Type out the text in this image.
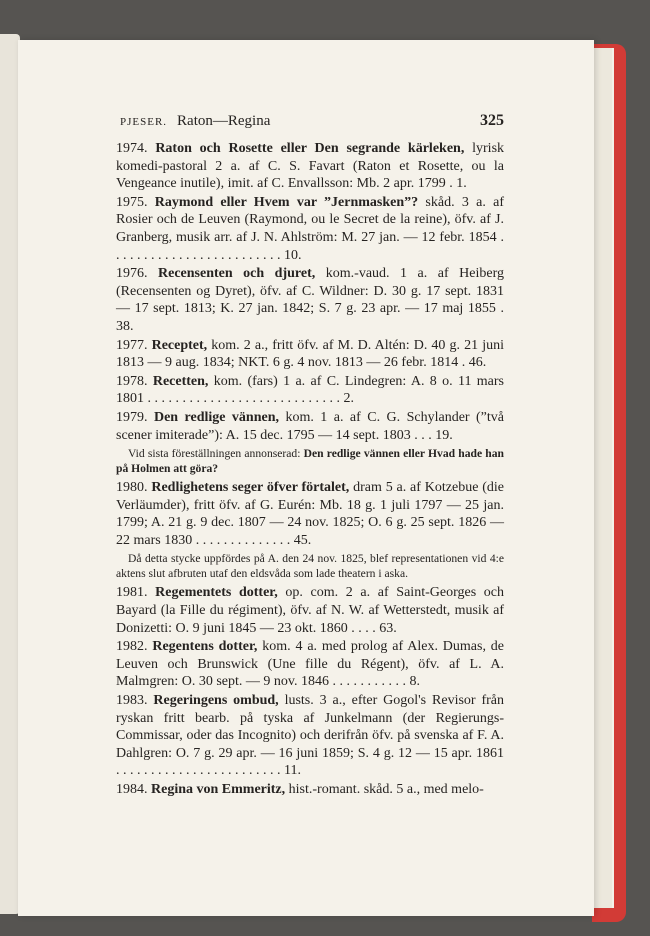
PJESER. Raton—Regina	325

1974. Raton och Rosette eller Den segrande kärleken, lyrisk komedi-pastoral 2 a. af C. S. Favart (Raton et Rosette, ou la Vengeance inutile), imit. af C. Envallsson: Mb. 2 apr. 1799 . 1.

1975. Raymond eller Hvem var ”Jernmasken”? skåd. 3 a. af Rosier och de Leuven (Raymond, ou le Secret de la reine), öfv. af J. Granberg, musik arr. af J. N. Ahlström: M. 27 jan. — 12 febr. 1854 . . . . . . . . . . . . . . . . . . . . . . . . . 10.

1976. Recensenten och djuret, kom.-vaud. 1 a. af Heiberg (Recensenten og Dyret), öfv. af C. Wildner: D. 30 g. 17 sept. 1831 — 17 sept. 1813; K. 27 jan. 1842; S. 7 g. 23 apr. — 17 maj 1855 . 38.

1977. Receptet, kom. 2 a., fritt öfv. af M. D. Altén: D. 40 g. 21 juni 1813 — 9 aug. 1834; NKT. 6 g. 4 nov. 1813 — 26 febr. 1814 . 46.

1978. Recetten, kom. (fars) 1 a. af C. Lindegren: A. 8 o. 11 mars 1801 . . . . . . . . . . . . . . . . . . . . . . . . . . . . 2.

1979. Den redlige vännen, kom. 1 a. af C. G. Schylander (”två scener imiterade”): A. 15 dec. 1795 — 14 sept. 1803 . . . 19.

Vid sista föreställningen annonserad: Den redlige vännen eller Hvad hade han på Holmen att göra?

1980. Redlighetens seger öfver förtalet, dram 5 a. af Kotzebue (die Verläumder), fritt öfv. af G. Eurén: Mb. 18 g. 1 juli 1797 — 25 jan. 1799; A. 21 g. 9 dec. 1807 — 24 nov. 1825; O. 6 g. 25 sept. 1826 — 22 mars 1830 . . . . . . . . . . . . . . 45.

Då detta stycke uppfördes på A. den 24 nov. 1825, blef representationen vid 4:e aktens slut afbruten utaf den eldsvåda som lade theatern i aska.

1981. Regementets dotter, op. com. 2 a. af Saint-Georges och Bayard (la Fille du régiment), öfv. af N. W. af Wetterstedt, musik af Donizetti: O. 9 juni 1845 — 23 okt. 1860 . . . . 63.

1982. Regentens dotter, kom. 4 a. med prolog af Alex. Dumas, de Leuven och Brunswick (Une fille du Régent), öfv. af L. A. Malmgren: O. 30 sept. — 9 nov. 1846 . . . . . . . . . . . 8.

1983. Regeringens ombud, lusts. 3 a., efter Gogol's Revisor från ryskan fritt bearb. på tyska af Junkelmann (der Regierungs-Commissar, oder das Incognito) och derifrån öfv. på svenska af F. A. Dahlgren: O. 7 g. 29 apr. — 16 juni 1859; S. 4 g. 12 — 15 apr. 1861 . . . . . . . . . . . . . . . . . . . . . . . . 11.

1984. Regina von Emmeritz, hist.-romant. skåd. 5 a., med melo-
